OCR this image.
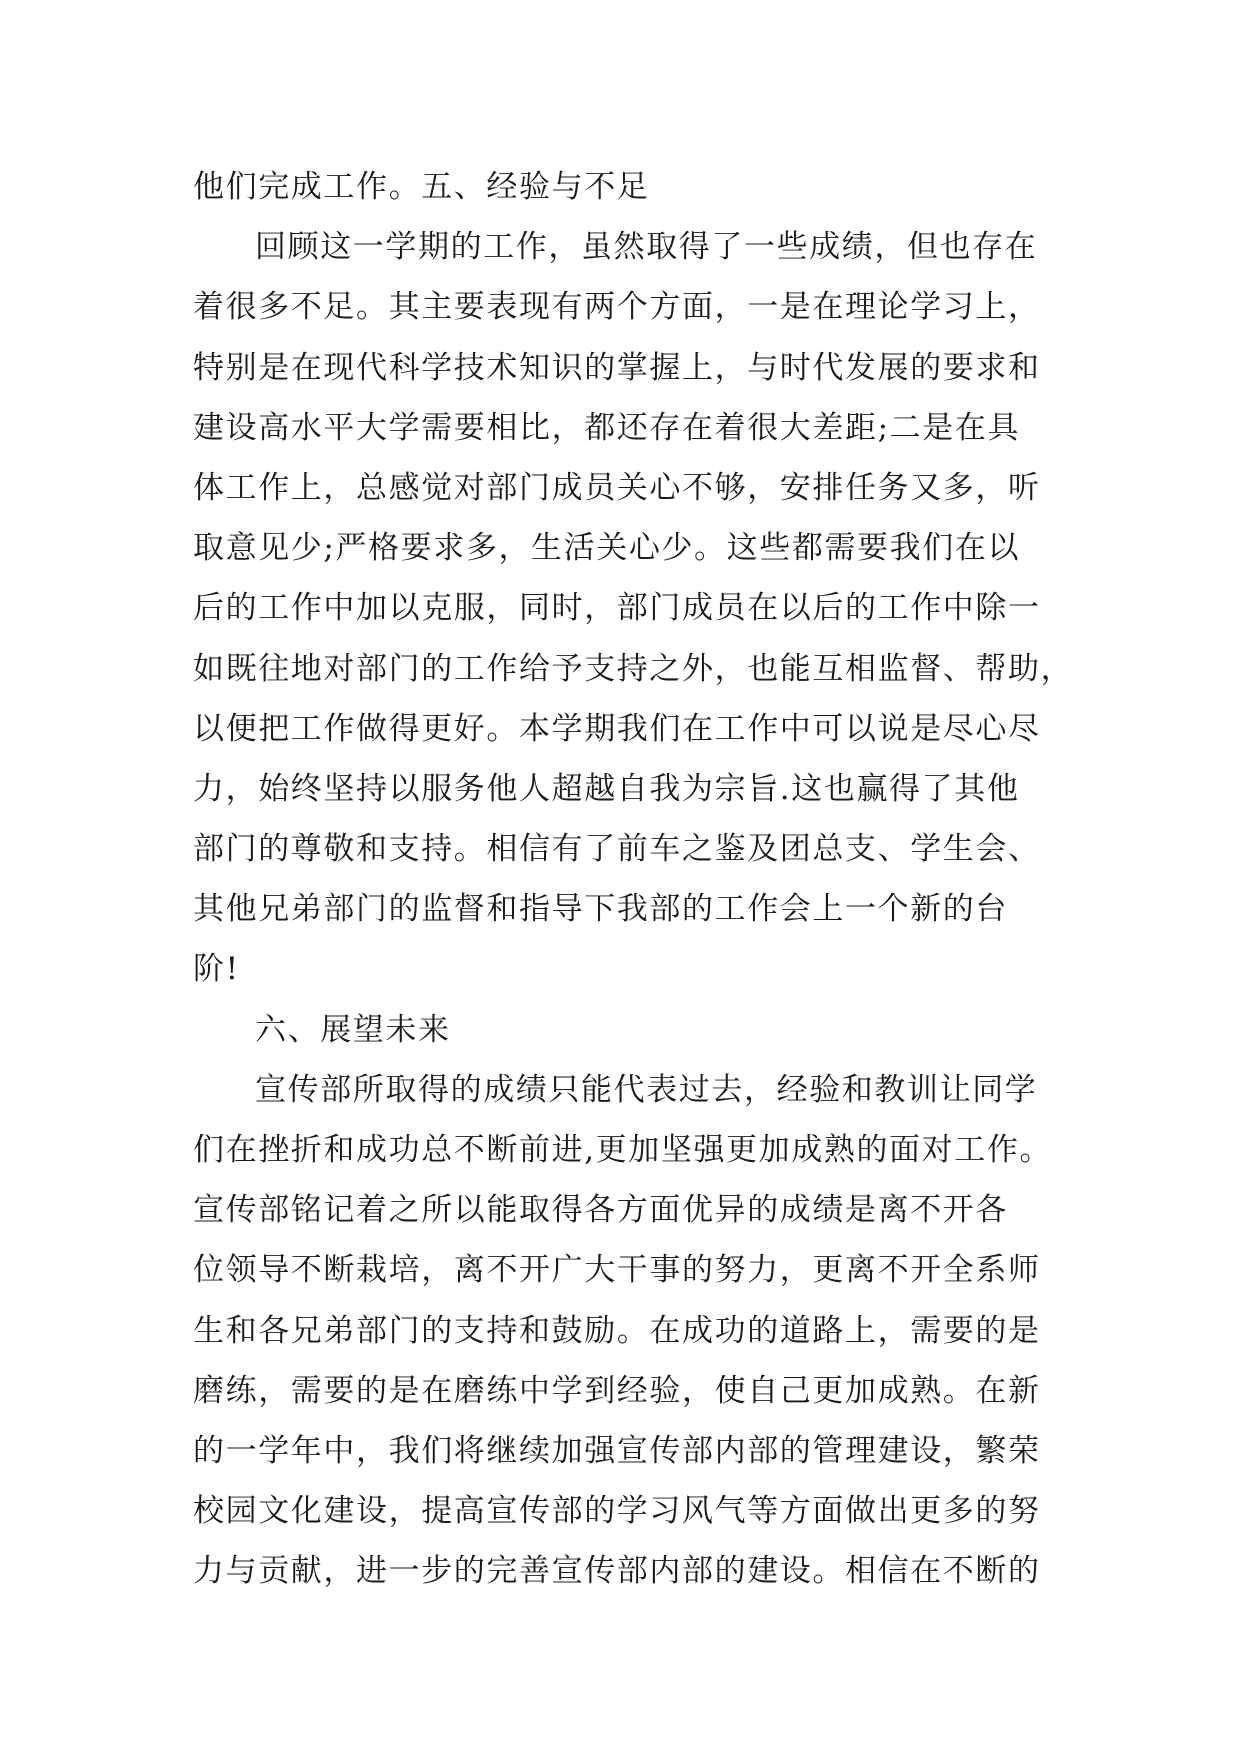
他们完成工作。五、经验与不足
回顾这一学期的工作，虽然取得了一些成绩，但也存在
着很多不足。其主要表现有两个方面，一是在理论学习上，
特别是在现代科学技术知识的掌握上，与时代发展的要求和
建设高水平大学需要相比，都还存在着很大差距;二是在具
体工作上，总感觉对部门成员关心不够，安排任务又多，听
取意见少;严格要求多，生活关心少。这些都需要我们在以
后的工作中加以克服，同时，部门成员在以后的工作中除一
如既往地对部门的工作给予支持之外，也能互相监督、帮助，
以便把工作做得更好。本学期我们在工作中可以说是尽心尽
力，始终坚持以服务他人超越自我为宗旨.这也赢得了其他
部门的尊敬和支持。相信有了前车之鉴及团总支、学生会、
其他兄弟部门的监督和指导下我部的工作会上一个新的台
阶!
六、展望未来
宣传部所取得的成绩只能代表过去，经验和教训让同学
们在挫折和成功总不断前进,更加坚强更加成熟的面对工作。
宣传部铭记着之所以能取得各方面优异的成绩是离不开各
位领导不断栽培，离不开广大干事的努力，更离不开全系师
生和各兄弟部门的支持和鼓励。在成功的道路上，需要的是
磨练，需要的是在磨练中学到经验，使自己更加成熟。在新
的一学年中，我们将继续加强宣传部内部的管理建设，繁荣
校园文化建设，提高宣传部的学习风气等方面做出更多的努
力与贡献，进一步的完善宣传部内部的建设。相信在不断的
